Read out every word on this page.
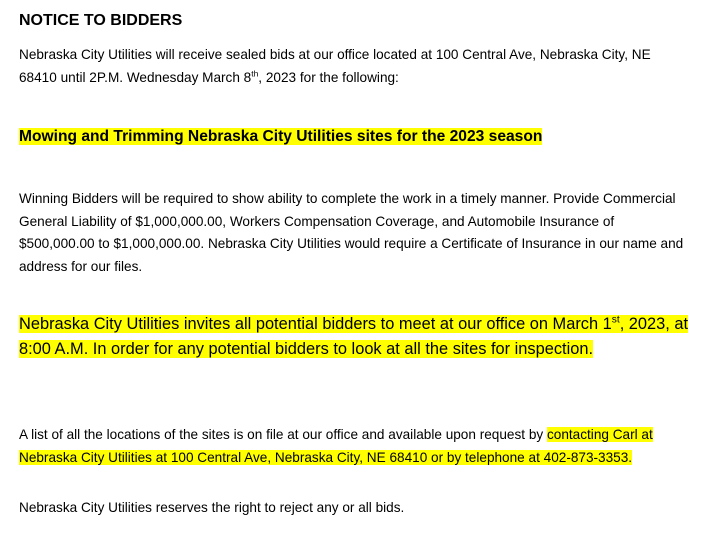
NOTICE TO BIDDERS
Nebraska City Utilities will receive sealed bids at our office located at 100 Central Ave, Nebraska City, NE 68410 until 2P.M. Wednesday March 8th, 2023 for the following:
Mowing and Trimming Nebraska City Utilities sites for the 2023 season
Winning Bidders will be required to show ability to complete the work in a timely manner. Provide Commercial General Liability of $1,000,000.00, Workers Compensation Coverage, and Automobile Insurance of $500,000.00 to $1,000,000.00. Nebraska City Utilities would require a Certificate of Insurance in our name and address for our files.
Nebraska City Utilities invites all potential bidders to meet at our office on March 1st, 2023, at 8:00 A.M. In order for any potential bidders to look at all the sites for inspection.
A list of all the locations of the sites is on file at our office and available upon request by contacting Carl at Nebraska City Utilities at 100 Central Ave, Nebraska City, NE 68410 or by telephone at 402-873-3353.
Nebraska City Utilities reserves the right to reject any or all bids.
